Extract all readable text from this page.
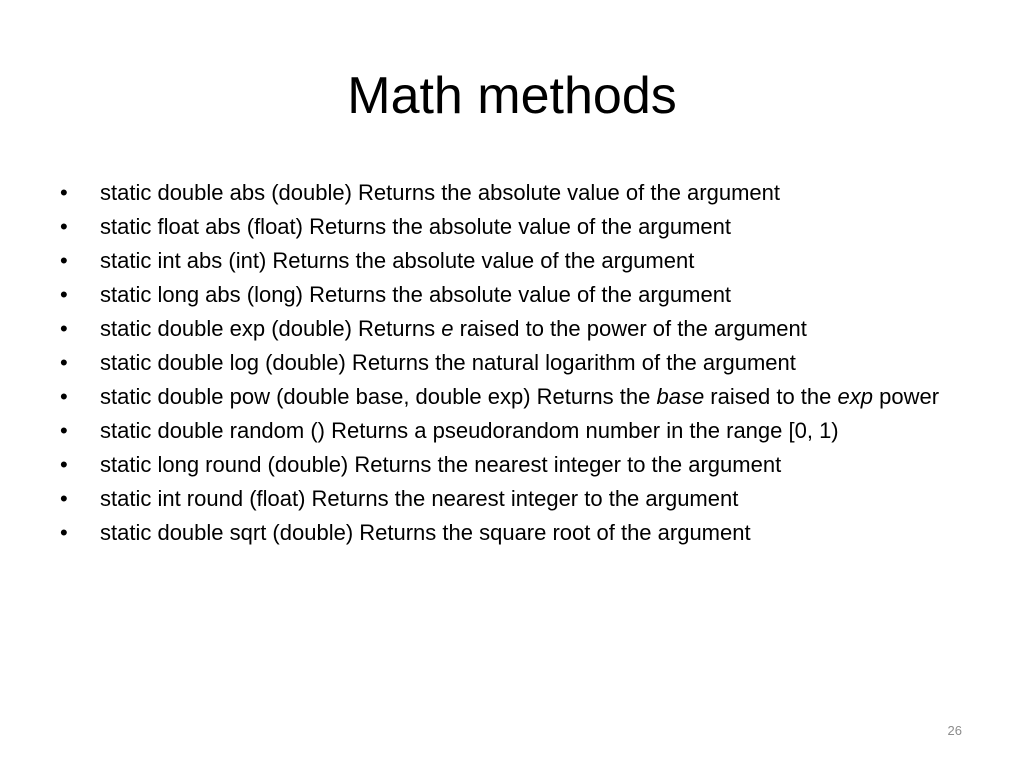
Math methods
• static double abs (double) Returns the absolute value of the argument
• static float abs (float) Returns the absolute value of the argument
• static int abs (int) Returns the absolute value of the argument
• static long abs (long) Returns the absolute value of the argument
• static double exp (double) Returns e raised to the power of the argument
• static double log (double) Returns the natural logarithm of the argument
• static double pow (double base, double exp) Returns the base raised to the exp power
• static double random () Returns a pseudorandom number in the range [0, 1)
• static long round (double) Returns the nearest integer to the argument
• static int round (float) Returns the nearest integer to the argument
• static double sqrt (double) Returns the square root of the argument
26
